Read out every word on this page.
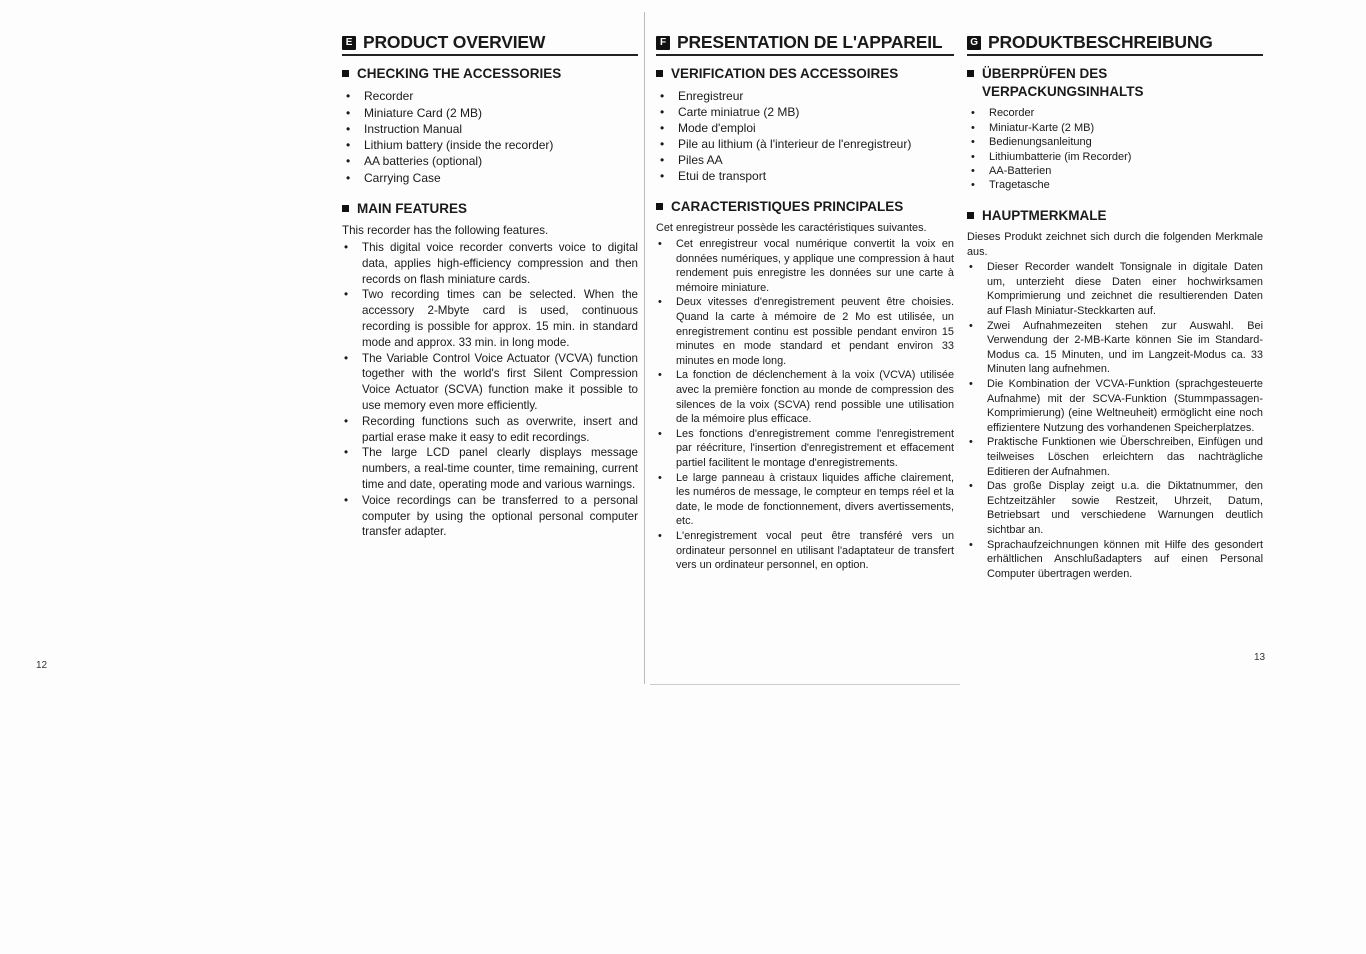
12
13
E PRODUCT OVERVIEW
CHECKING THE ACCESSORIES
• Recorder
• Miniature Card (2 MB)
• Instruction Manual
• Lithium battery (inside the recorder)
• AA batteries (optional)
• Carrying Case
MAIN FEATURES

This recorder has the following features.

• This digital voice recorder converts voice to digital data, applies high-efficiency compression and then records on flash miniature cards.
• Two recording times can be selected. When the accessory 2-Mbyte card is used, continuous recording is possible for approx. 15 min. in standard mode and approx. 33 min. in long mode.
• The Variable Control Voice Actuator (VCVA) function together with the world's first Silent Compression Voice Actuator (SCVA) function make it possible to use memory even more efficiently.
• Recording functions such as overwrite, insert and partial erase make it easy to edit recordings.
• The large LCD panel clearly displays message numbers, a real-time counter, time remaining, current time and date, operating mode and various warnings.
• Voice recordings can be transferred to a personal computer by using the optional personal computer transfer adapter.
F PRESENTATION DE L'APPAREIL
VERIFICATION DES ACCESSOIRES
• Enregistreur
• Carte miniatrue (2 MB)
• Mode d'emploi
• Pile au lithium (à l'interieur de l'enregistreur)
• Piles AA
• Etui de transport
CARACTERISTIQUES PRINCIPALES

Cet enregistreur possède les caractéristiques suivantes.

• Cet enregistreur vocal numérique convertit la voix en données numériques, y applique une compression à haut rendement puis enregistre les données sur une carte à mémoire miniature.
• Deux vitesses d'enregistrement peuvent être choisies. Quand la carte à mémoire de 2 Mo est utilisée, un enregistrement continu est possible pendant environ 15 minutes en mode standard et pendant environ 33 minutes en mode long.
• La fonction de déclenchement à la voix (VCVA) utilisée avec la première fonction au monde de compression des silences de la voix (SCVA) rend possible une utilisation de la mémoire plus efficace.
• Les fonctions d'enregistrement comme l'enregistrement par réécriture, l'insertion d'enregistrement et effacement partiel facilitent le montage d'enregistrements.
• Le large panneau à cristaux liquides affiche clairement, les numéros de message, le compteur en temps réel et la date, le mode de fonctionnement, divers avertissements, etc.
• L'enregistrement vocal peut être transféré vers un ordinateur personnel en utilisant l'adaptateur de transfert vers un ordinateur personnel, en option.
G PRODUKTBESCHREIBUNG
ÜBERPRÜFEN DES VERPACKUNGSINHALTS
• Recorder
• Miniatur-Karte (2 MB)
• Bedienungsanleitung
• Lithiumbatterie (im Recorder)
• AA-Batterien
• Tragetasche
HAUPTMERKMALE

Dieses Produkt zeichnet sich durch die folgenden Merkmale aus.

• Dieser Recorder wandelt Tonsignale in digitale Daten um, unterzieht diese Daten einer hochwirksamen Komprimierung und zeichnet die resultierenden Daten auf Flash Miniatur-Steckkarten auf.
• Zwei Aufnahmezeiten stehen zur Auswahl. Bei Verwendung der 2-MB-Karte können Sie im Standard-Modus ca. 15 Minuten, und im Langzeit-Modus ca. 33 Minuten lang aufnehmen.
• Die Kombination der VCVA-Funktion (sprachgesteuerte Aufnahme) mit der SCVA-Funktion (Stummpassagen-Komprimierung) (eine Weltneuheit) ermöglicht eine noch effizientere Nutzung des vorhandenen Speicherplatzes.
• Praktische Funktionen wie Überschreiben, Einfügen und teilweises Löschen erleichtern das nachträgliche Editieren der Aufnahmen.
• Das große Display zeigt u.a. die Diktatnummer, den Echtzeitzähler sowie Restzeit, Uhrzeit, Datum, Betriebsart und verschiedene Warnungen deutlich sichtbar an.
• Sprachaufzeichnungen können mit Hilfe des gesondert erhältlichen Anschlußadapters auf einen Personal Computer übertragen werden.
